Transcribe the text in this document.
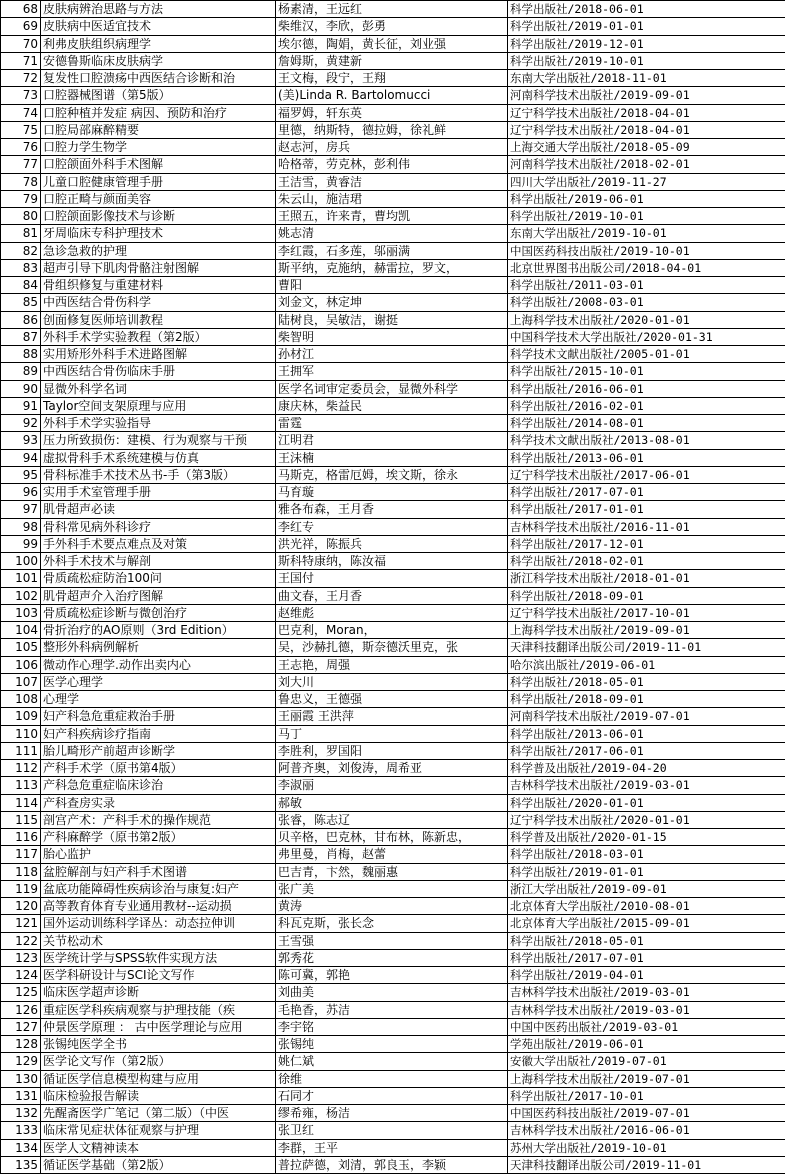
68	皮肤病辨治思路与方法	杨素清，王远红	科学出版社/2018-06-01
69	皮肤病中医适宜技术	柴维汉，李欣，彭勇	科学出版社/2019-01-01
70	利弗皮肤组织病理学	埃尔德，陶娟，黄长征，刘业强	科学出版社/2019-12-01
71	安德鲁斯临床皮肤病学	詹姆斯，黄建新	科学出版社/2019-10-01
72	复发性口腔溃疡中西医结合诊断和治	王文梅，段宁，王翔	东南大学出版社/2018-11-01
73	口腔器械图谱（第5版）	(美)Linda R. Bartolomucci	河南科学技术出版社/2019-09-01
74	口腔种植并发症 病因、预防和治疗	福罗姆，轩东英	辽宁科学技术出版社/2018-04-01
75	口腔局部麻醉精要	里德，纳斯特，德拉姆，徐礼鲜	辽宁科学技术出版社/2018-04-01
76	口腔力学生物学	赵志河，房兵	上海交通大学出版社/2018-05-09
77	口腔颌面外科手术图解	哈格蒂，劳克林，彭利伟	河南科学技术出版社/2018-02-01
78	儿童口腔健康管理手册	王洁雪，黄睿洁	四川大学出版社/2019-11-27
79	口腔正畸与颜面美容	朱云山，施洁珺	科学出版社/2019-06-01
80	口腔颌面影像技术与诊断	王照五，许来青，曹均凯	科学出版社/2019-10-01
81	牙周临床专科护理技术	姚志清	东南大学出版社/2019-10-01
82	急诊急救的护理	李红霞，石多莲，邬丽满	中国医药科技出版社/2019-10-01
83	超声引导下肌肉骨骼注射图解	斯平纳，克施纳，赫雷拉，罗文，	北京世界图书出版公司/2018-04-01
84	骨组织修复与重建材料	曹阳	科学出版社/2011-03-01
85	中西医结合骨伤科学	刘金文，林定坤	科学出版社/2008-03-01
86	创面修复医师培训教程	陆树良，吴敏洁，谢挺	上海科学技术出版社/2020-01-01
87	外科手术学实验教程（第2版）	柴智明	中国科学技术大学出版社/2020-01-31
88	实用矫形外科手术进路图解	孙材江	科学技术文献出版社/2005-01-01
89	中西医结合骨伤临床手册	王拥军	科学出版社/2015-10-01
90	显微外科学名词	医学名词审定委员会，显微外科学	科学出版社/2016-06-01
91	Taylor空间支架原理与应用	康庆林，柴益民	科学出版社/2016-02-01
92	外科手术学实验指导	雷霆	科学出版社/2014-08-01
93	压力所致损伤：建模、行为观察与干预	江明君	科学技术文献出版社/2013-08-01
94	虚拟骨科手术系统建模与仿真	王沫楠	科学出版社/2013-06-01
95	骨科标准手术技术丛书-手（第3版）	马斯克，格雷厄姆，埃文斯，徐永	辽宁科学技术出版社/2017-06-01
96	实用手术室管理手册	马育璇	科学出版社/2017-07-01
97	肌骨超声必读	雅各布森，王月香	科学出版社/2017-01-01
98	骨科常见病外科诊疗	李红专	吉林科学技术出版社/2016-11-01
99	手外科手术要点难点及对策	洪光祥，陈振兵	科学出版社/2017-12-01
100	外科手术技术与解剖	斯科特康纳，陈汝福	科学出版社/2018-02-01
101	骨质疏松症防治100问	王国付	浙江科学技术出版社/2018-01-01
102	肌骨超声介入治疗图解	曲文春，王月香	科学出版社/2018-09-01
103	骨质疏松症诊断与微创治疗	赵维彪	辽宁科学技术出版社/2017-10-01
104	骨折治疗的AO原则（3rd Edition）	巴克利，Moran，	上海科学技术出版社/2019-09-01
105	整形外科病例解析	吴，沙赫扎德，斯奈德沃里克，张	天津科技翻译出版公司/2019-11-01
106	微动作心理学.动作出卖内心	王志艳，周强	哈尔滨出版社/2019-06-01
107	医学心理学	刘大川	科学出版社/2018-05-01
108	心理学	鲁忠义，王德强	科学出版社/2018-09-01
109	妇产科急危重症救治手册	王丽霞 王洪萍	河南科学技术出版社/2019-07-01
110	妇产科疾病诊疗指南	马丁	科学出版社/2013-06-01
111	胎儿畸形产前超声诊断学	李胜利，罗国阳	科学出版社/2017-06-01
112	产科手术学（原书第4版）	阿普齐奥，刘俊涛，周希亚	科学普及出版社/2019-04-20
113	产科急危重症临床诊治	李淑丽	吉林科学技术出版社/2019-03-01
114	产科查房实录	郝敏	科学出版社/2020-01-01
115	剖宫产术：产科手术的操作规范	张睿，陈志辽	辽宁科学技术出版社/2020-01-01
116	产科麻醉学（原书第2版）	贝辛格，巴克林，甘布林，陈新忠，	科学普及出版社/2020-01-15
117	胎心监护	弗里曼，肖梅，赵蕾	科学出版社/2018-03-01
118	盆腔解剖与妇产科手术图谱	巴吉青，卞然，魏丽惠	科学出版社/2019-01-01
119	盆底功能障碍性疾病诊治与康复:妇产	张广美	浙江大学出版社/2019-09-01
120	高等教育体育专业通用教材--运动损	黄涛	北京体育大学出版社/2010-08-01
121	国外运动训练科学译丛：动态拉伸训	科瓦克斯，张长念	北京体育大学出版社/2015-09-01
122	关节松动术	王雪强	科学出版社/2018-05-01
123	医学统计学与SPSS软件实现方法	郭秀花	科学出版社/2017-07-01
124	医学科研设计与SCI论文写作	陈可冀，郭艳	科学出版社/2019-04-01
125	临床医学超声诊断	刘曲美	吉林科学技术出版社/2019-03-01
126	重症医学科疾病观察与护理技能（疾	毛艳香，苏洁	吉林科学技术出版社/2019-03-01
127	仲景医学原理 ： 古中医学理论与应用	李宇铭	中国中医药出版社/2019-03-01
128	张锡纯医学全书	张锡纯	学苑出版社/2019-06-01
129	医学论文写作（第2版）	姚仁斌	安徽大学出版社/2019-07-01
130	循证医学信息模型构建与应用	徐维	上海科学技术出版社/2019-07-01
131	临床检验报告解读	石同才	科学出版社/2017-10-01
132	先醒斋医学广笔记（第二版）（中医	缪希雍，杨洁	中国医药科技出版社/2019-07-01
133	临床常见症状体征观察与护理	张卫红	吉林科学技术出版社/2016-06-01
134	医学人文精神读本	李群，王平	苏州大学出版社/2019-10-01
135	循证医学基础（第2版）	普拉萨德，刘清，郭良玉，李颖	天津科技翻译出版公司/2019-11-01
